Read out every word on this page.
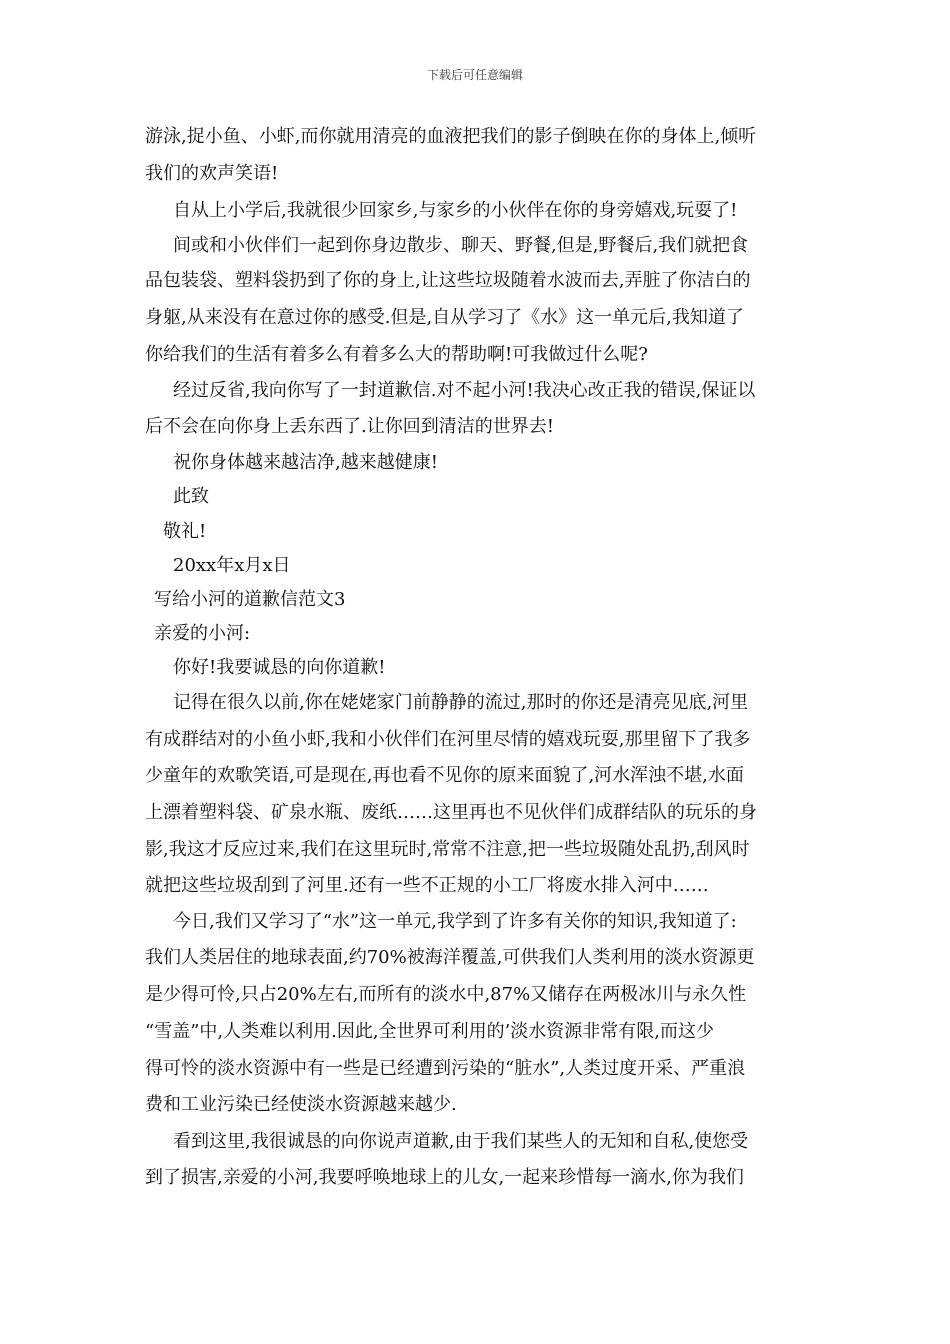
下载后可任意编辑
游泳,捉小鱼、小虾,而你就用清亮的血液把我们的影子倒映在你的身体上,倾听
我们的欢声笑语!
自从上小学后,我就很少回家乡,与家乡的小伙伴在你的身旁嬉戏,玩耍了!
间或和小伙伴们一起到你身边散步、聊天、野餐,但是,野餐后,我们就把食
品包装袋、塑料袋扔到了你的身上,让这些垃圾随着水波而去,弄脏了你洁白的
身躯,从来没有在意过你的感受.但是,自从学习了《水》这一单元后,我知道了
你给我们的生活有着多么有着多么大的帮助啊!可我做过什么呢?
经过反省,我向你写了一封道歉信.对不起小河!我决心改正我的错误,保证以
后不会在向你身上丢东西了.让你回到清洁的世界去!
祝你身体越来越洁净,越来越健康!
此致
敬礼!
20xx年x月x日
写给小河的道歉信范文3
亲爱的小河:
你好!我要诚恳的向你道歉!
记得在很久以前,你在姥姥家门前静静的流过,那时的你还是清亮见底,河里
有成群结对的小鱼小虾,我和小伙伴们在河里尽情的嬉戏玩耍,那里留下了我多
少童年的欢歌笑语,可是现在,再也看不见你的原来面貌了,河水浑浊不堪,水面
上漂着塑料袋、矿泉水瓶、废纸……这里再也不见伙伴们成群结队的玩乐的身
影,我这才反应过来,我们在这里玩时,常常不注意,把一些垃圾随处乱扔,刮风时
就把这些垃圾刮到了河里.还有一些不正规的小工厂将废水排入河中……
今日,我们又学习了“水”这一单元,我学到了许多有关你的知识,我知道了:
我们人类居住的地球表面,约70%被海洋覆盖,可供我们人类利用的淡水资源更
是少得可怜,只占20%左右,而所有的淡水中,87%又储存在两极冰川与永久性
“雪盖”中,人类难以利用.因此,全世界可利用的’淡水资源非常有限,而这少
得可怜的淡水资源中有一些是已经遭到污染的“脏水”,人类过度开采、严重浪
费和工业污染已经使淡水资源越来越少.
看到这里,我很诚恳的向你说声道歉,由于我们某些人的无知和自私,使您受
到了损害,亲爱的小河,我要呼唤地球上的儿女,一起来珍惜每一滴水,你为我们
